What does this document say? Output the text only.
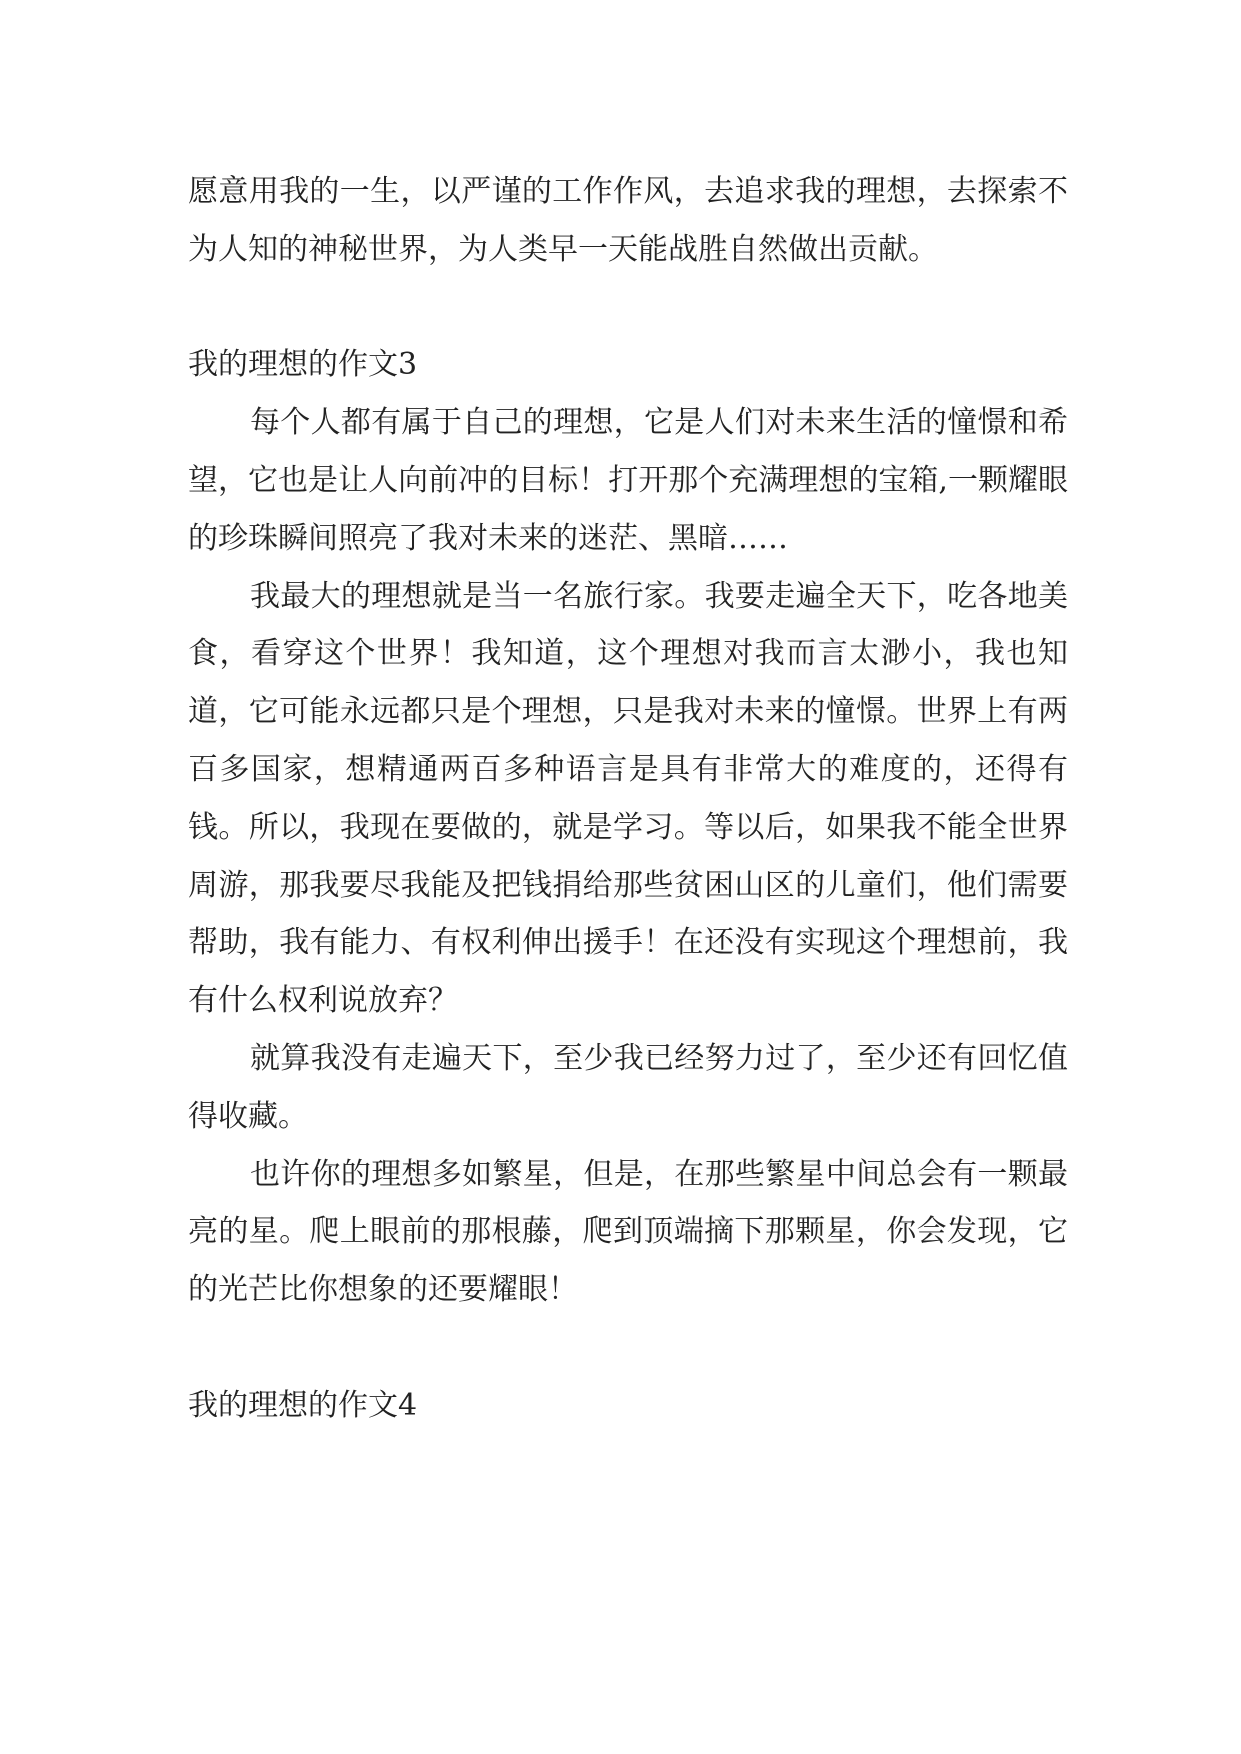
愿意用我的一生，以严谨的工作作风，去追求我的理想，去探索不为人知的神秘世界，为人类早一天能战胜自然做出贡献。

我的理想的作文3

每个人都有属于自己的理想，它是人们对未来生活的憧憬和希望，它也是让人向前冲的目标！打开那个充满理想的宝箱,一颗耀眼的珍珠瞬间照亮了我对未来的迷茫、黑暗……

我最大的理想就是当一名旅行家。我要走遍全天下，吃各地美食，看穿这个世界！我知道，这个理想对我而言太渺小，我也知道，它可能永远都只是个理想，只是我对未来的憧憬。世界上有两百多国家，想精通两百多种语言是具有非常大的难度的，还得有钱。所以，我现在要做的，就是学习。等以后，如果我不能全世界周游，那我要尽我能及把钱捐给那些贫困山区的儿童们，他们需要帮助，我有能力、有权利伸出援手！在还没有实现这个理想前，我有什么权利说放弃？

就算我没有走遍天下，至少我已经努力过了，至少还有回忆值得收藏。

也许你的理想多如繁星，但是，在那些繁星中间总会有一颗最亮的星。爬上眼前的那根藤，爬到顶端摘下那颗星，你会发现，它的光芒比你想象的还要耀眼！

我的理想的作文4
